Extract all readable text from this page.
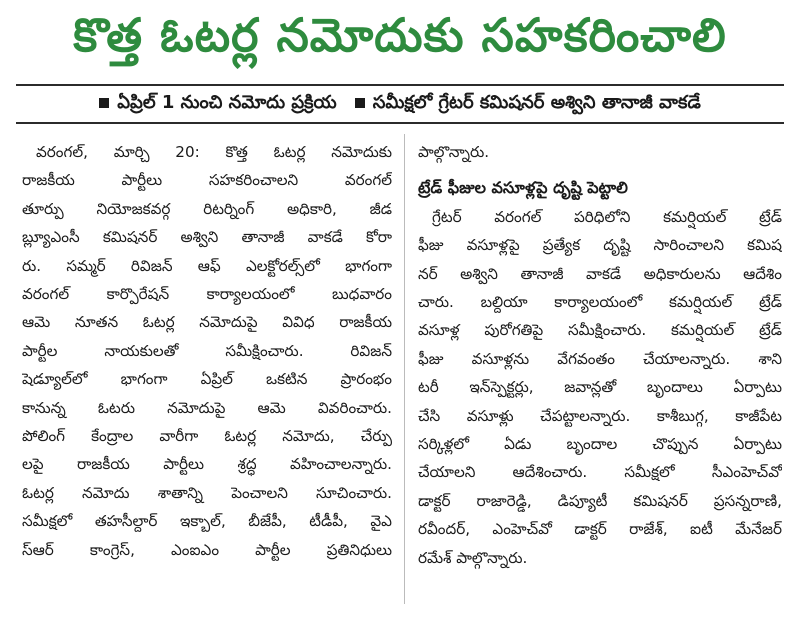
కొత్త ఓటర్ల నమోదుకు సహకరించాలి
ఏప్రిల్ 1 నుంచి నమోదు ప్రక్రియ	సమీక్షలో గ్రేటర్ కమిషనర్ అశ్విని తానాజీ వాకడే
వరంగల్, మార్చి 20: కొత్త ఓటర్ల నమోదుకు
రాజకీయ పార్టీలు సహకరించాలని వరంగల్
తూర్పు నియోజకవర్గ రిటర్నింగ్ అధికారి, జీడ
బ్ల్యూఎంసీ కమిషనర్ అశ్విని తానాజీ వాకడే కోరా
రు. సమ్మర్ రివిజన్ ఆఫ్ ఎలక్టోరల్స్‌లో భాగంగా
వరంగల్ కార్పొరేషన్ కార్యాలయంలో బుధవారం
ఆమె నూతన ఓటర్ల నమోదుపై వివిధ రాజకీయ
పార్టీల నాయకులతో సమీక్షించారు. రివిజన్
షెడ్యూల్‌లో భాగంగా ఏప్రిల్ ఒకటిన ప్రారంభం
కానున్న ఓటరు నమోదుపై ఆమె వివరించారు.
పోలింగ్ కేంద్రాల వారీగా ఓటర్ల నమోదు, చేర్పు
లపై రాజకీయ పార్టీలు శ్రద్ధ వహించాలన్నారు.
ఓటర్ల నమోదు శాతాన్ని పెంచాలని సూచించారు.
సమీక్షలో తహసీల్దార్ ఇక్బాల్, బీజేపీ, టీడీపీ, వైఎ
స్ఆర్ కాంగ్రెస్, ఎంఐఎం పార్టీల ప్రతినిధులు
పాల్గొన్నారు.
ట్రేడ్ ఫీజుల వసూళ్లపై దృష్టి పెట్టాలి
గ్రేటర్ వరంగల్ పరిధిలోని కమర్షియల్ ట్రేడ్
ఫీజు వసూళ్లపై ప్రత్యేక దృష్టి సారించాలని కమిష
నర్ అశ్విని తానాజీ వాకడే అధికారులను ఆదేశిం
చారు. బల్దియా కార్యాలయంలో కమర్షియల్ ట్రేడ్
వసూళ్ల పురోగతిపై సమీక్షించారు. కమర్షియల్ ట్రేడ్
ఫీజు వసూళ్లను వేగవంతం చేయాలన్నారు. శాని
టరీ ఇన్‌స్పెక్టర్లు, జవాన్లతో బృందాలు ఏర్పాటు
చేసి వసూళ్లు చేపట్టాలన్నారు. కాశీబుగ్గ, కాజీపేట
సర్కిళ్లలో ఏడు బృందాల చొప్పున ఏర్పాటు
చేయాలని ఆదేశించారు. సమీక్షలో సీఎంహెచ్‌వో
డాక్టర్ రాజారెడ్డి, డిప్యూటీ కమిషనర్ ప్రసన్నరాణి,
రవీందర్, ఎంహెచ్‌వో డాక్టర్ రాజేశ్, ఐటీ మేనేజర్
రమేశ్ పాల్గొన్నారు.
